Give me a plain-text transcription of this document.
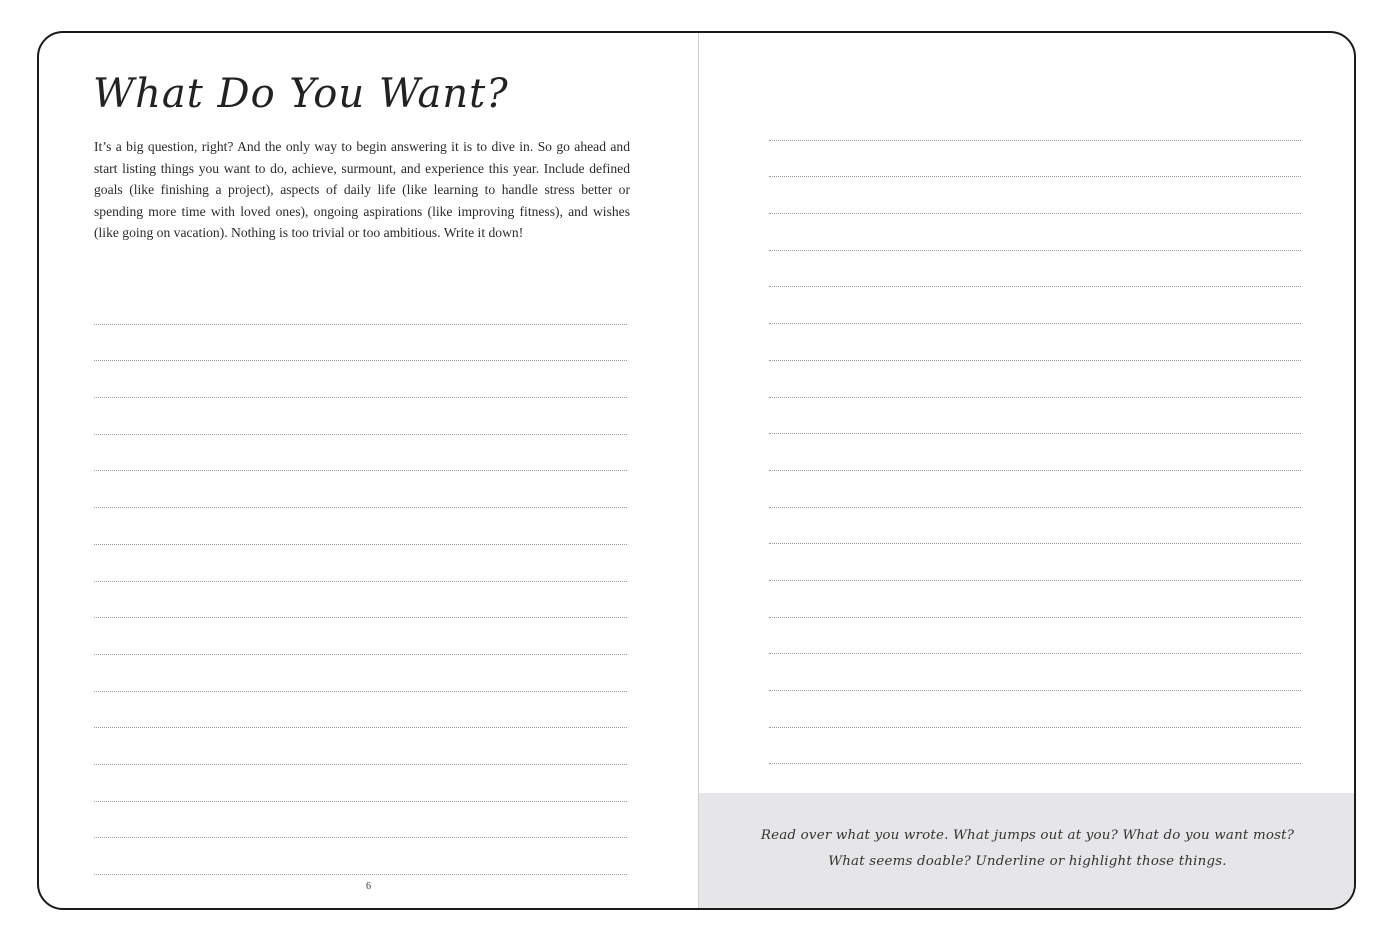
What Do You Want?

It’s a big question, right? And the only way to begin answering it is to dive in. So go ahead and start listing things you want to do, achieve, surmount, and experience this year. Include defined goals (like finishing a project), aspects of daily life (like learning to handle stress better or spending more time with loved ones), ongoing aspirations (like improving fitness), and wishes (like going on vacation). Nothing is too trivial or too ambitious. Write it down!

6

Read over what you wrote. What jumps out at you? What do you want most?
What seems doable? Underline or highlight those things.
